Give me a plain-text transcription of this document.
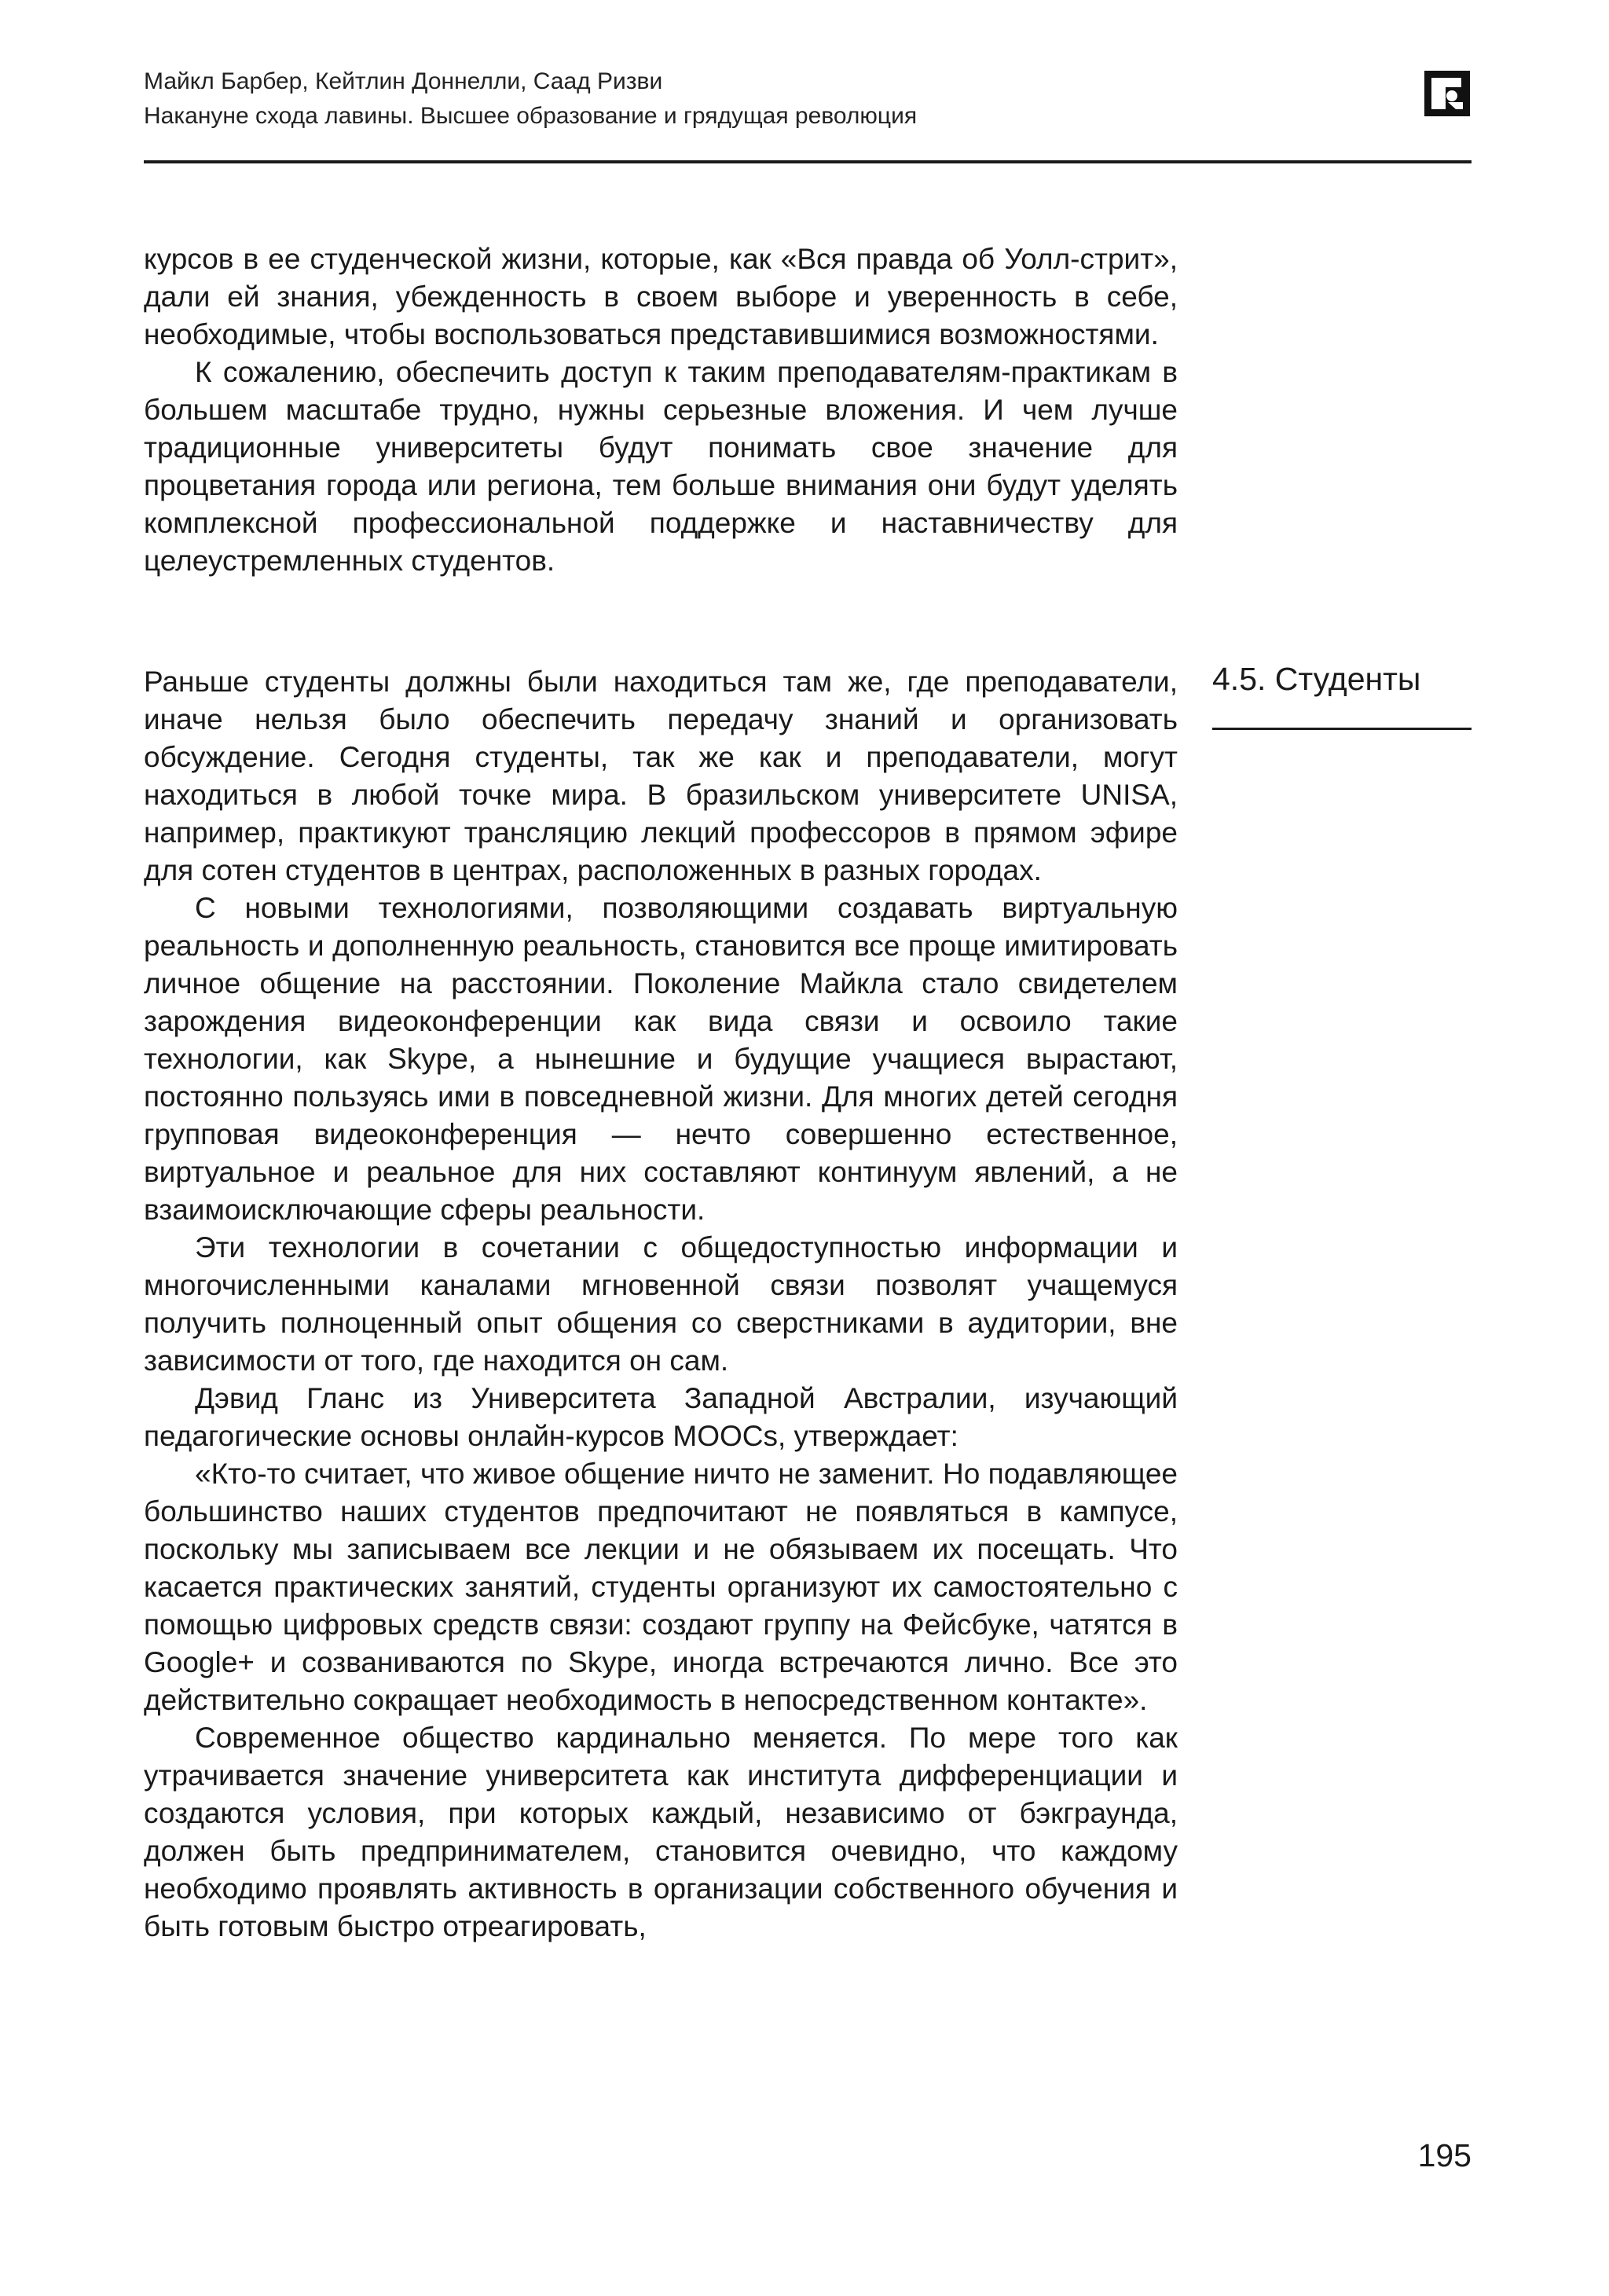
Майкл Барбер, Кейтлин Доннелли, Саад Ризви
Накануне схода лавины. Высшее образование и грядущая революция

курсов в ее студенческой жизни, которые, как «Вся правда об Уолл-стрит», дали ей знания, убежденность в своем выборе и уверенность в себе, необходимые, чтобы воспользоваться представившимися возможностями.

К сожалению, обеспечить доступ к таким преподавателям-практикам в большем масштабе трудно, нужны серьезные вложения. И чем лучше традиционные университеты будут понимать свое значение для процветания города или региона, тем больше внимания они будут уделять комплексной профессиональной поддержке и наставничеству для целеустремленных студентов.

4.5. Студенты

Раньше студенты должны были находиться там же, где преподаватели, иначе нельзя было обеспечить передачу знаний и организовать обсуждение. Сегодня студенты, так же как и преподаватели, могут находиться в любой точке мира. В бразильском университете UNISA, например, практикуют трансляцию лекций профессоров в прямом эфире для сотен студентов в центрах, расположенных в разных городах.

С новыми технологиями, позволяющими создавать виртуальную реальность и дополненную реальность, становится все проще имитировать личное общение на расстоянии. Поколение Майкла стало свидетелем зарождения видеоконференции как вида связи и освоило такие технологии, как Skype, а нынешние и будущие учащиеся вырастают, постоянно пользуясь ими в повседневной жизни. Для многих детей сегодня групповая видеоконференция — нечто совершенно естественное, виртуальное и реальное для них составляют континуум явлений, а не взаимоисключающие сферы реальности.

Эти технологии в сочетании с общедоступностью информации и многочисленными каналами мгновенной связи позволят учащемуся получить полноценный опыт общения со сверстниками в аудитории, вне зависимости от того, где находится он сам.

Дэвид Гланс из Университета Западной Австралии, изучающий педагогические основы онлайн-курсов MOOCs, утверждает:

«Кто-то считает, что живое общение ничто не заменит. Но подавляющее большинство наших студентов предпочитают не появляться в кампусе, поскольку мы записываем все лекции и не обязываем их посещать. Что касается практических занятий, студенты организуют их самостоятельно с помощью цифровых средств связи: создают группу на Фейсбуке, чатятся в Google+ и созваниваются по Skype, иногда встречаются лично. Все это действительно сокращает необходимость в непосредственном контакте».

Современное общество кардинально меняется. По мере того как утрачивается значение университета как института дифференциации и создаются условия, при которых каждый, независимо от бэкграунда, должен быть предпринимателем, становится очевидно, что каждому необходимо проявлять активность в организации собственного обучения и быть готовым быстро отреагировать,

195
